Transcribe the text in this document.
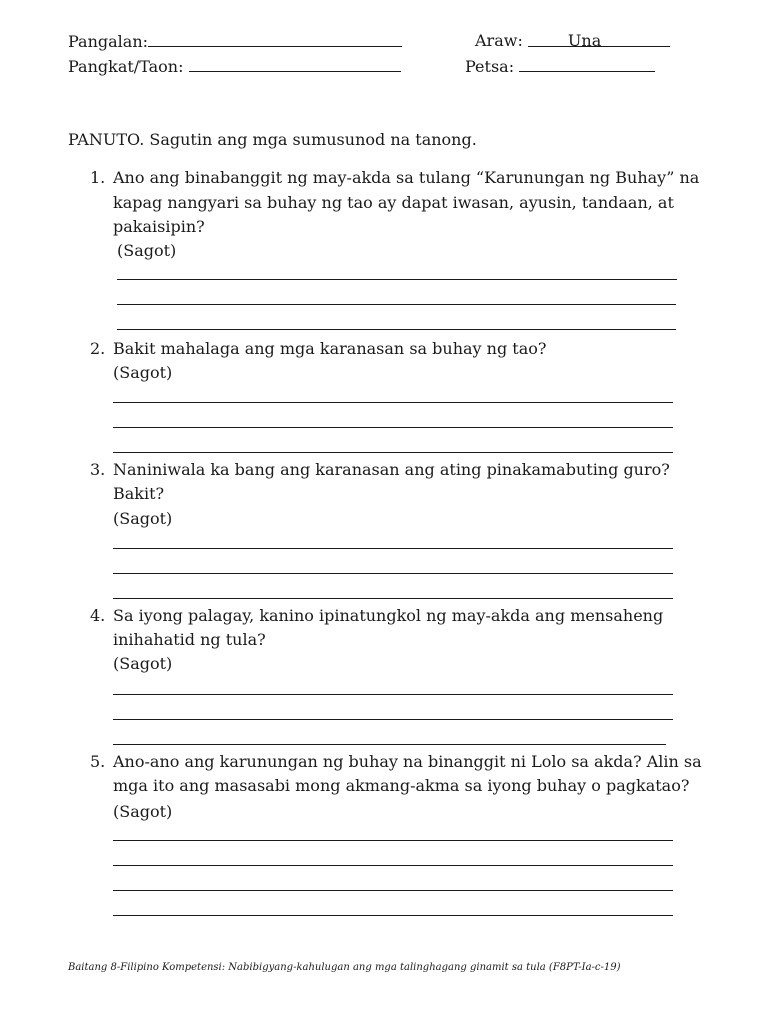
Pangalan:
Pangkat/Taon:
Araw:	Una
Petsa:
PANUTO. Sagutin ang mga sumusunod na tanong.
1. Ano ang binabanggit ng may-akda sa tulang “Karunungan ng Buhay” na
kapag nangyari sa buhay ng tao ay dapat iwasan, ayusin, tandaan, at
pakaisipin?
(Sagot)
2. Bakit mahalaga ang mga karanasan sa buhay ng tao?
(Sagot)
3. Naniniwala ka bang ang karanasan ang ating pinakamabuting guro?
Bakit?
(Sagot)
4. Sa iyong palagay, kanino ipinatungkol ng may-akda ang mensaheng
inihahatid ng tula?
(Sagot)
5. Ano-ano ang karunungan ng buhay na binanggit ni Lolo sa akda? Alin sa
mga ito ang masasabi mong akmang-akma sa iyong buhay o pagkatao?
(Sagot)
Baitang 8-Filipino Kompetensi: Nabibigyang-kahulugan ang mga talinghagang ginamit sa tula (F8PT-Ia-c-19)
